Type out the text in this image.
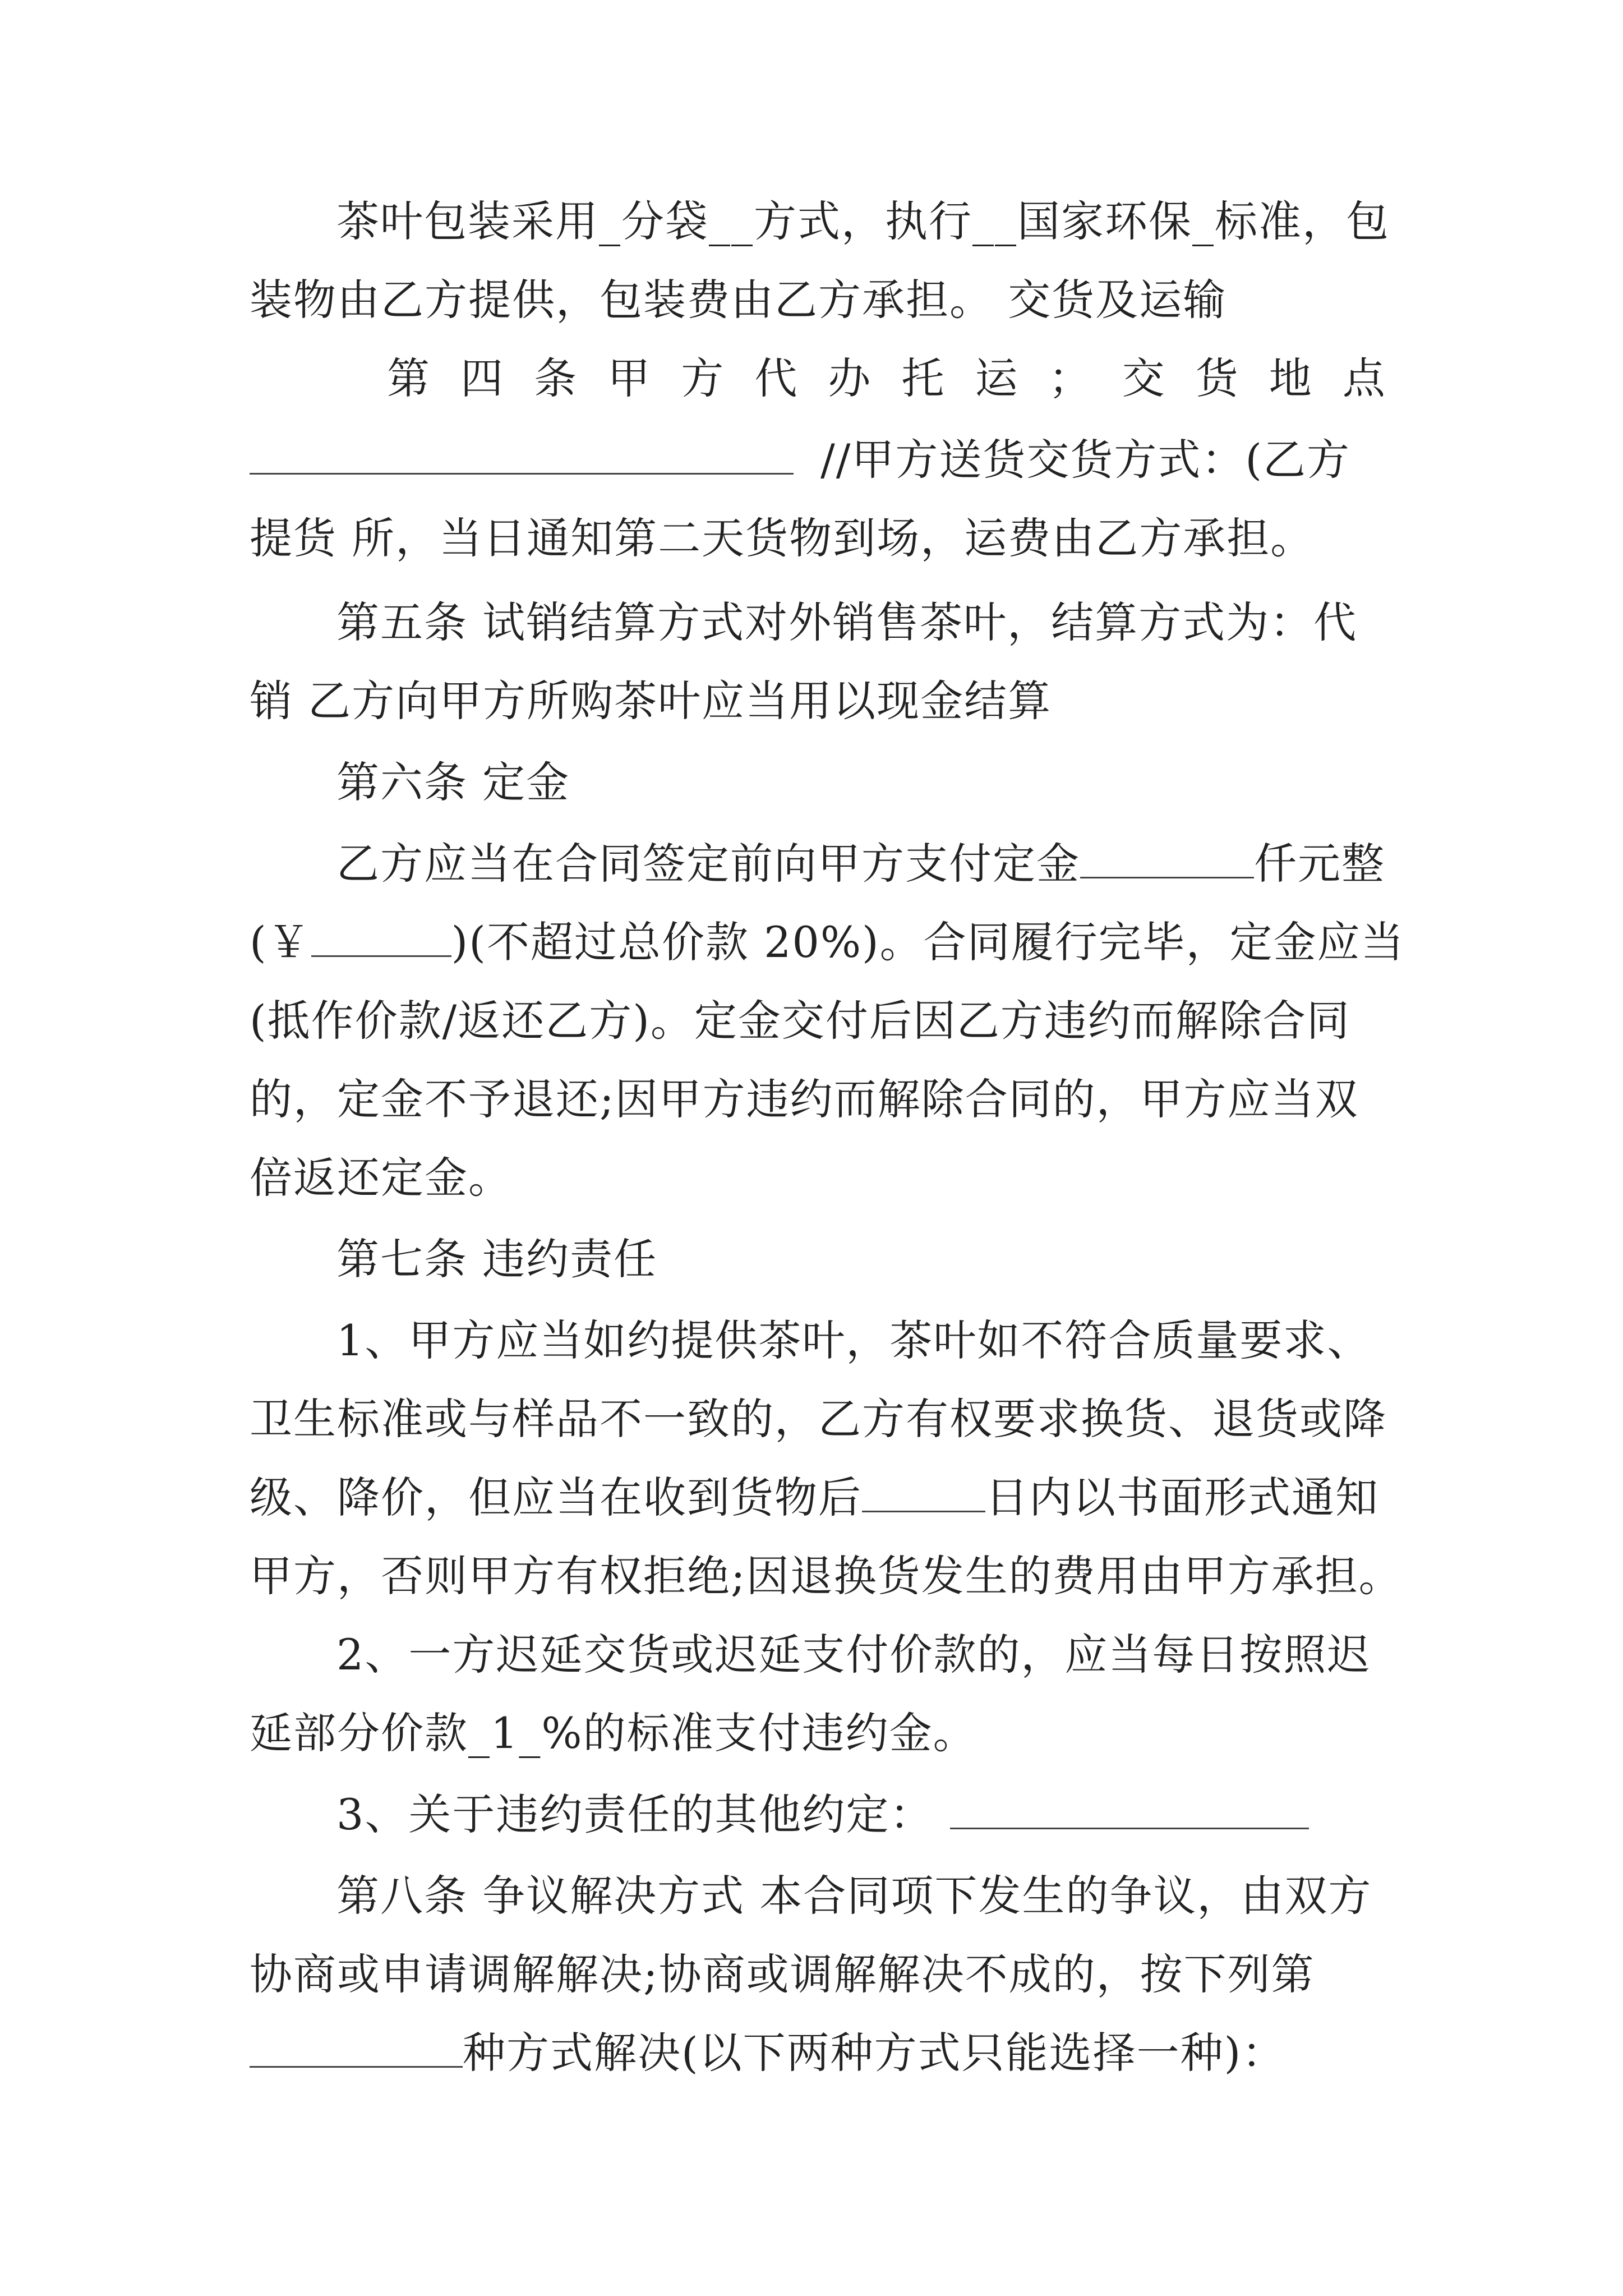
茶叶包装采用_分袋__方式，执行__国家环保_标准，包
装物由乙方提供，包装费由乙方承担。 交货及运输
第 四 条 甲 方 代 办 托 运 ； 交 货 地 点
//甲方送货交货方式：(乙方
提货 所，当日通知第二天货物到场，运费由乙方承担。
第五条 试销结算方式对外销售茶叶，结算方式为：代
销 乙方向甲方所购茶叶应当用以现金结算
第六条 定金
乙方应当在合同签定前向甲方支付定金	仟元整
(￥	)(不超过总价款 20%)。合同履行完毕，定金应当
(抵作价款/返还乙方)。定金交付后因乙方违约而解除合同
的，定金不予退还;因甲方违约而解除合同的，甲方应当双
倍返还定金。
第七条 违约责任
1、甲方应当如约提供茶叶，茶叶如不符合质量要求、
卫生标准或与样品不一致的，乙方有权要求换货、退货或降
级、降价，但应当在收到货物后	日内以书面形式通知
甲方，否则甲方有权拒绝;因退换货发生的费用由甲方承担。
2、一方迟延交货或迟延支付价款的，应当每日按照迟
延部分价款_1_%的标准支付违约金。
3、关于违约责任的其他约定：
第八条 争议解决方式 本合同项下发生的争议，由双方
协商或申请调解解决;协商或调解解决不成的，按下列第
种方式解决(以下两种方式只能选择一种)：
